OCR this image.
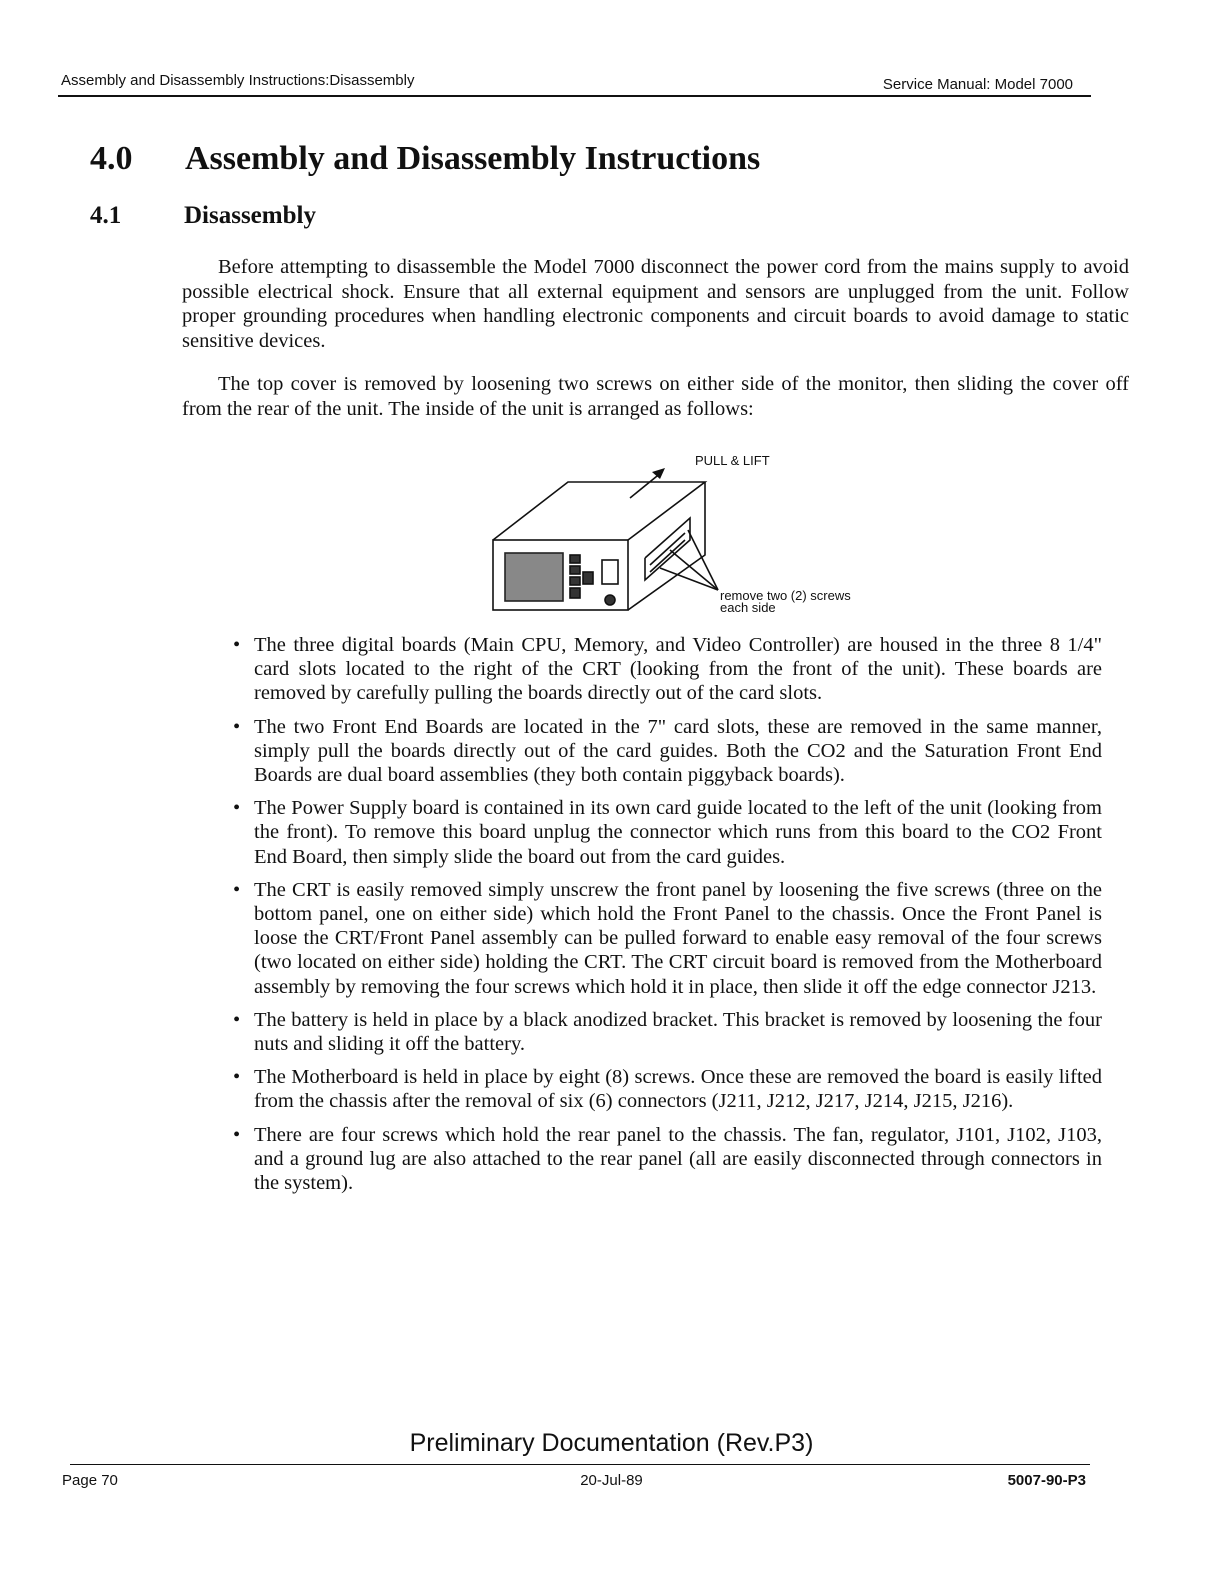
Assembly and Disassembly Instructions:Disassembly	Service Manual: Model 7000
4.0 Assembly and Disassembly Instructions
4.1	Disassembly

Before attempting to disassemble the Model 7000 disconnect the power cord from the mains supply to avoid possible electrical shock. Ensure that all external equipment and sensors are unplugged from the unit. Follow proper grounding procedures when handling electronic components and circuit boards to avoid damage to static sensitive devices.

The top cover is removed by loosening two screws on either side of the monitor, then sliding the cover off from the rear of the unit. The inside of the unit is arranged as follows:

PULL & LIFT
remove two (2) screws
each side
• The three digital boards (Main CPU, Memory, and Video Controller) are housed in the three 8 1/4" card slots located to the right of the CRT (looking from the front of the unit). These boards are removed by carefully pulling the boards directly out of the card slots.
• The two Front End Boards are located in the 7" card slots, these are removed in the same manner, simply pull the boards directly out of the card guides. Both the CO2 and the Saturation Front End Boards are dual board assemblies (they both contain piggyback boards).
• The Power Supply board is contained in its own card guide located to the left of the unit (looking from the front). To remove this board unplug the connector which runs from this board to the CO2 Front End Board, then simply slide the board out from the card guides.
• The CRT is easily removed simply unscrew the front panel by loosening the five screws (three on the bottom panel, one on either side) which hold the Front Panel to the chassis. Once the Front Panel is loose the CRT/Front Panel assembly can be pulled forward to enable easy removal of the four screws (two located on either side) holding the CRT. The CRT circuit board is removed from the Motherboard assembly by removing the four screws which hold it in place, then slide it off the edge connector J213.
• The battery is held in place by a black anodized bracket. This bracket is removed by loosening the four nuts and sliding it off the battery.
• The Motherboard is held in place by eight (8) screws. Once these are removed the board is easily lifted from the chassis after the removal of six (6) connectors (J211, J212, J217, J214, J215, J216).
• There are four screws which hold the rear panel to the chassis. The fan, regulator, J101, J102, J103, and a ground lug are also attached to the rear panel (all are easily disconnected through connectors in the system).
Preliminary Documentation (Rev.P3)
Page 70	20-Jul-89	5007-90-P3
